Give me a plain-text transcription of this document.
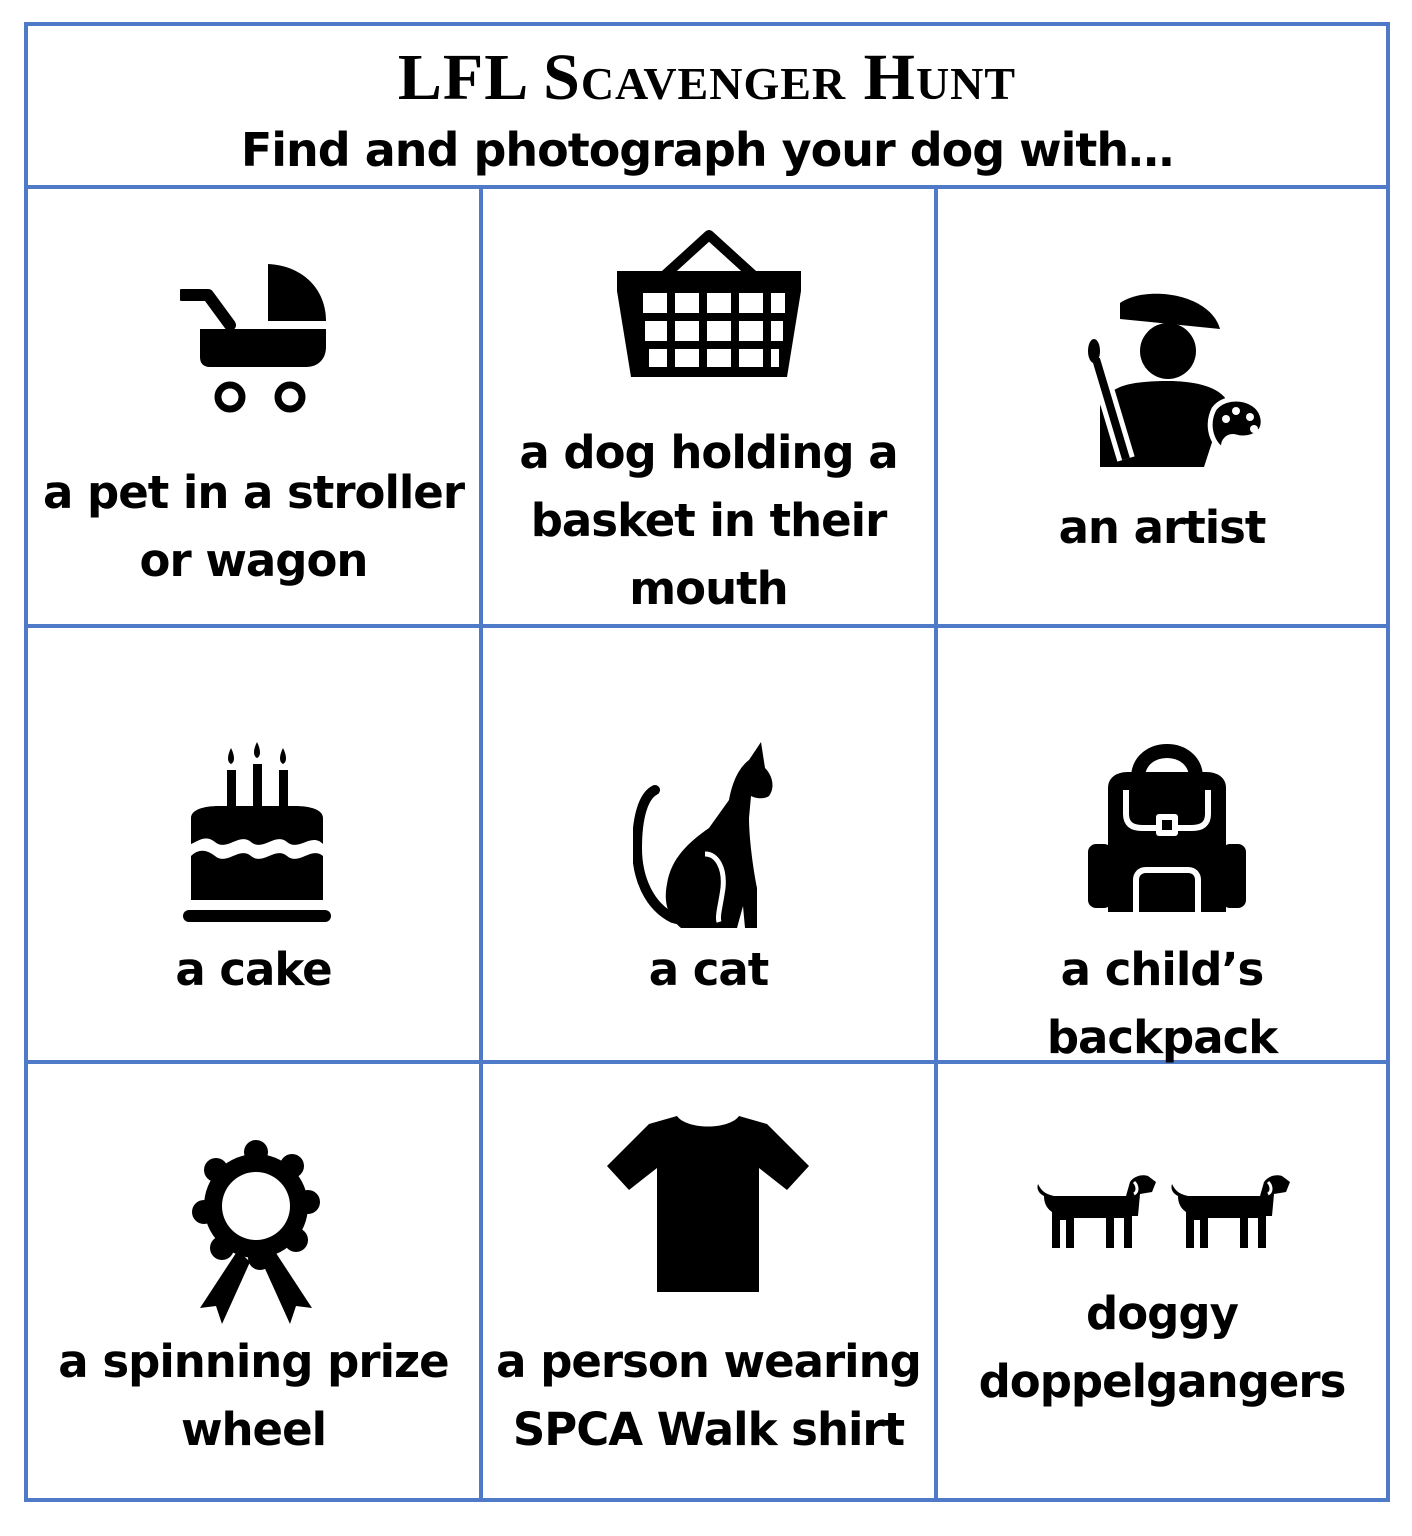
LFL Scavenger Hunt
Find and photograph your dog with…
a pet in a stroller
or wagon
a dog holding a
basket in their
mouth
an artist
a cake	a cat	a child’s backpack
a spinning prize
wheel
a person wearing
SPCA Walk shirt
doggy
doppelgangers
